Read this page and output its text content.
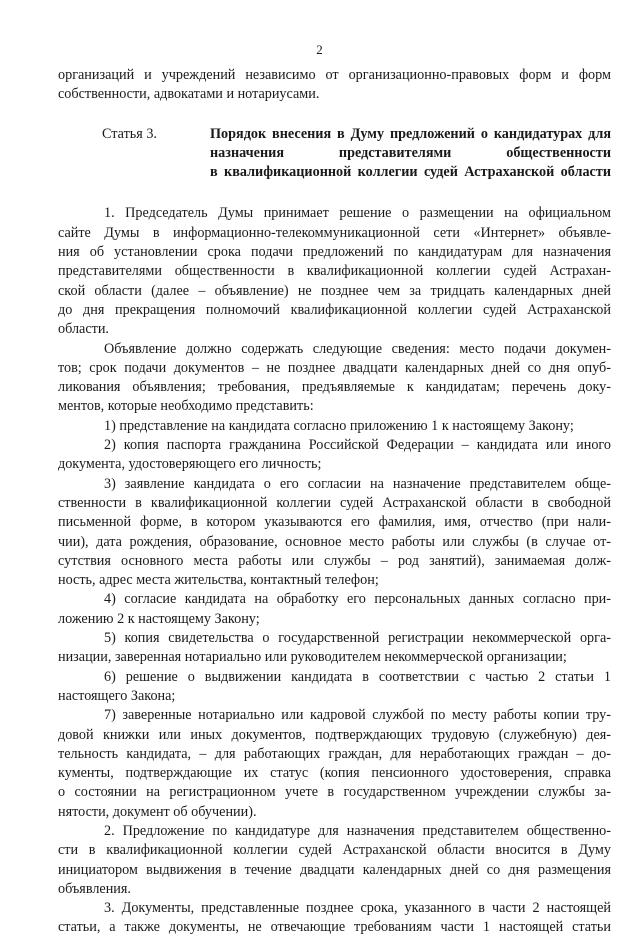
2
организаций и учреждений независимо от организационно-правовых форм и форм
собственности, адвокатами и нотариусами.
Статья 3.	Порядок внесения в Думу предложений о кандидатурах для
назначения представителями общественности
в квалификационной коллегии судей Астраханской области
1. Председатель Думы принимает решение о размещении на официальном
сайте Думы в информационно-телекоммуникационной сети «Интернет» объявле-
ния об установлении срока подачи предложений по кандидатурам для назначения
представителями общественности в квалификационной коллегии судей Астрахан-
ской области (далее – объявление) не позднее чем за тридцать календарных дней
до дня прекращения полномочий квалификационной коллегии судей Астраханской
области.
Объявление должно содержать следующие сведения: место подачи докумен-
тов; срок подачи документов – не позднее двадцати календарных дней со дня опуб-
ликования объявления; требования, предъявляемые к кандидатам; перечень доку-
ментов, которые необходимо представить:
1) представление на кандидата согласно приложению 1 к настоящему Закону;
2) копия паспорта гражданина Российской Федерации – кандидата или иного
документа, удостоверяющего его личность;
3) заявление кандидата о его согласии на назначение представителем обще-
ственности в квалификационной коллегии судей Астраханской области в свободной
письменной форме, в котором указываются его фамилия, имя, отчество (при нали-
чии), дата рождения, образование, основное место работы или службы (в случае от-
сутствия основного места работы или службы – род занятий), занимаемая долж-
ность, адрес места жительства, контактный телефон;
4) согласие кандидата на обработку его персональных данных согласно при-
ложению 2 к настоящему Закону;
5) копия свидетельства о государственной регистрации некоммерческой орга-
низации, заверенная нотариально или руководителем некоммерческой организации;
6) решение о выдвижении кандидата в соответствии с частью 2 статьи 1
настоящего Закона;
7) заверенные нотариально или кадровой службой по месту работы копии тру-
довой книжки или иных документов, подтверждающих трудовую (служебную) дея-
тельность кандидата, – для работающих граждан, для неработающих граждан – до-
кументы, подтверждающие их статус (копия пенсионного удостоверения, справка
о состоянии на регистрационном учете в государственном учреждении службы за-
нятости, документ об обучении).
2. Предложение по кандидатуре для назначения представителем общественно-
сти в квалификационной коллегии судей Астраханской области вносится в Думу
инициатором выдвижения в течение двадцати календарных дней со дня размещения
объявления.
3. Документы, представленные позднее срока, указанного в части 2 настоящей
статьи, а также документы, не отвечающие требованиям части 1 настоящей статьи
